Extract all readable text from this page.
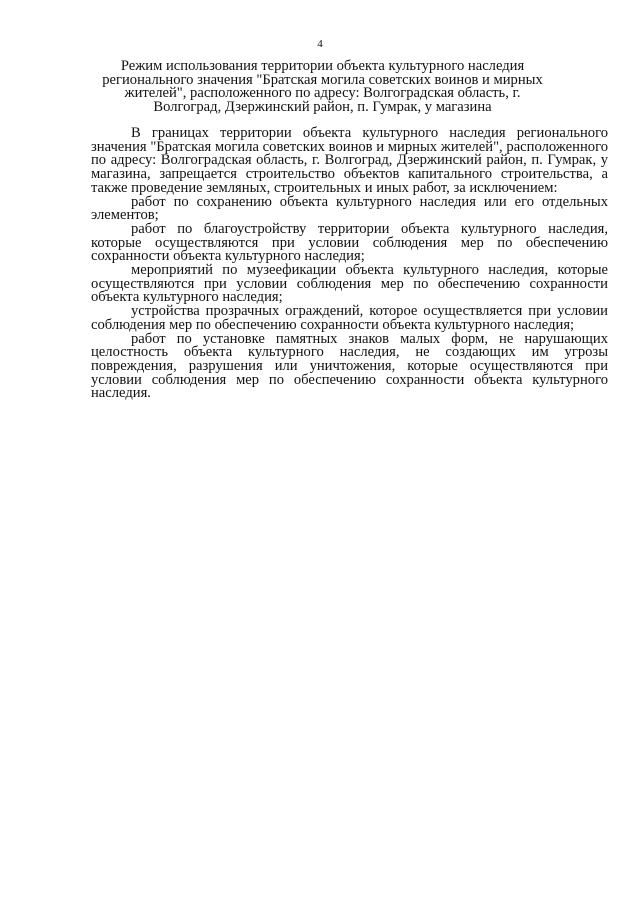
4
Режим использования территории объекта культурного наследия регионального значения "Братская могила советских воинов и мирных жителей", расположенного по адресу: Волгоградская область, г. Волгоград, Дзержинский район, п. Гумрак, у магазина

В границах территории объекта культурного наследия регионального значения "Братская могила советских воинов и мирных жителей", расположенного по адресу: Волгоградская область, г. Волгоград, Дзержинский район, п. Гумрак, у магазина, запрещается строительство объектов капитального строительства, а также проведение земляных, строительных и иных работ, за исключением:

работ по сохранению объекта культурного наследия или его отдельных элементов;

работ по благоустройству территории объекта культурного наследия, которые осуществляются при условии соблюдения мер по обеспечению сохранности объекта культурного наследия;

мероприятий по музеефикации объекта культурного наследия, которые осуществляются при условии соблюдения мер по обеспечению сохранности объекта культурного наследия;

устройства прозрачных ограждений, которое осуществляется при условии соблюдения мер по обеспечению сохранности объекта культурного наследия;

работ по установке памятных знаков малых форм, не нарушающих целостность объекта культурного наследия, не создающих им угрозы повреждения, разрушения или уничтожения, которые осуществляются при условии соблюдения мер по обеспечению сохранности объекта культурного наследия.
